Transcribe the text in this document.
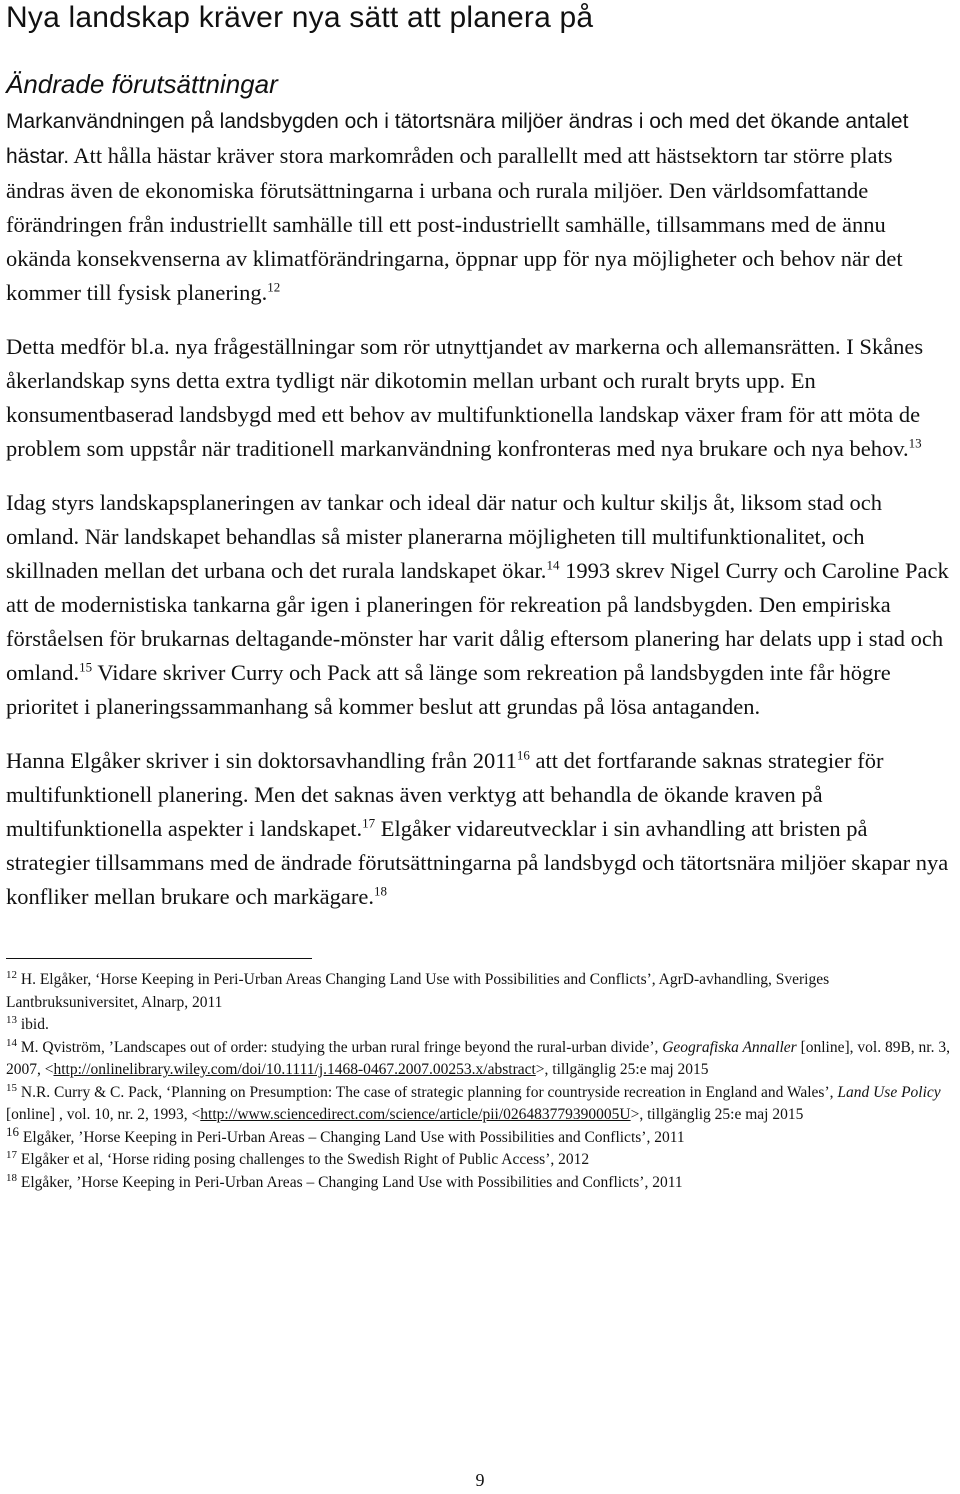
Nya landskap kräver nya sätt att planera på
Ändrade förutsättningar

Markanvändningen på landsbygden och i tätortsnära miljöer ändras i och med det ökande antalet hästar. Att hålla hästar kräver stora markområden och parallellt med att hästsektorn tar större plats ändras även de ekonomiska förutsättningarna i urbana och rurala miljöer. Den världsomfattande förändringen från industriellt samhälle till ett post-industriellt samhälle, tillsammans med de ännu okända konsekvenserna av klimatförändringarna, öppnar upp för nya möjligheter och behov när det kommer till fysisk planering.$^{12}$

Detta medför bl.a. nya frågeställningar som rör utnyttjandet av markerna och allemansrätten. I Skånes åkerlandskap syns detta extra tydligt när dikotomin mellan urbant och ruralt bryts upp. En konsumentbaserad landsbygd med ett behov av multifunktionella landskap växer fram för att möta de problem som uppstår när traditionell markanvändning konfronteras med nya brukare och nya behov.$^{13}$

Idag styrs landskapsplaneringen av tankar och ideal där natur och kultur skiljs åt, liksom stad och omland. När landskapet behandlas så mister planerarna möjligheten till multifunktionalitet, och skillnaden mellan det urbana och det rurala landskapet ökar.$^{14}$ 1993 skrev Nigel Curry och Caroline Pack att de modernistiska tankarna går igen i planeringen för rekreation på landsbygden. Den empiriska förståelsen för brukarnas deltagande-mönster har varit dålig eftersom planering har delats upp i stad och omland.$^{15}$ Vidare skriver Curry och Pack att så länge som rekreation på landsbygden inte får högre prioritet i planeringssammanhang så kommer beslut att grundas på lösa antaganden.

Hanna Elgåker skriver i sin doktorsavhandling från 2011$^{16}$ att det fortfarande saknas strategier för multifunktionell planering. Men det saknas även verktyg att behandla de ökande kraven på multifunktionella aspekter i landskapet.$^{17}$ Elgåker vidareutvecklar i sin avhandling att bristen på strategier tillsammans med de ändrade förutsättningarna på landsbygd och tätortsnära miljöer skapar nya konfliker mellan brukare och markägare.$^{18}$

$^{12}$ H. Elgåker, ‘Horse Keeping in Peri-Urban Areas Changing Land Use with Possibilities and Conflicts’, AgrD-avhandling, Sveriges Lantbruksuniversitet, Alnarp, 2011
$^{13}$ ibid.
$^{14}$ M. Qviström, ’Landscapes out of order: studying the urban rural fringe beyond the rural-urban divide’, Geografiska Annaller [online], vol. 89B, nr. 3, 2007, <http://onlinelibrary.wiley.com/doi/10.1111/j.1468-0467.2007.00253.x/abstract>, tillgänglig 25:e maj 2015
$^{15}$ N.R. Curry & C. Pack, ‘Planning on Presumption: The case of strategic planning for countryside recreation in England and Wales’, Land Use Policy [online] , vol. 10, nr. 2, 1993, <http://www.sciencedirect.com/science/article/pii/026483779390005U>, tillgänglig 25:e maj 2015
$^{16}$ Elgåker, ’Horse Keeping in Peri-Urban Areas – Changing Land Use with Possibilities and Conflicts’, 2011
$^{17}$ Elgåker et al, ‘Horse riding posing challenges to the Swedish Right of Public Access’, 2012
$^{18}$ Elgåker, ’Horse Keeping in Peri-Urban Areas – Changing Land Use with Possibilities and Conflicts’, 2011
9
